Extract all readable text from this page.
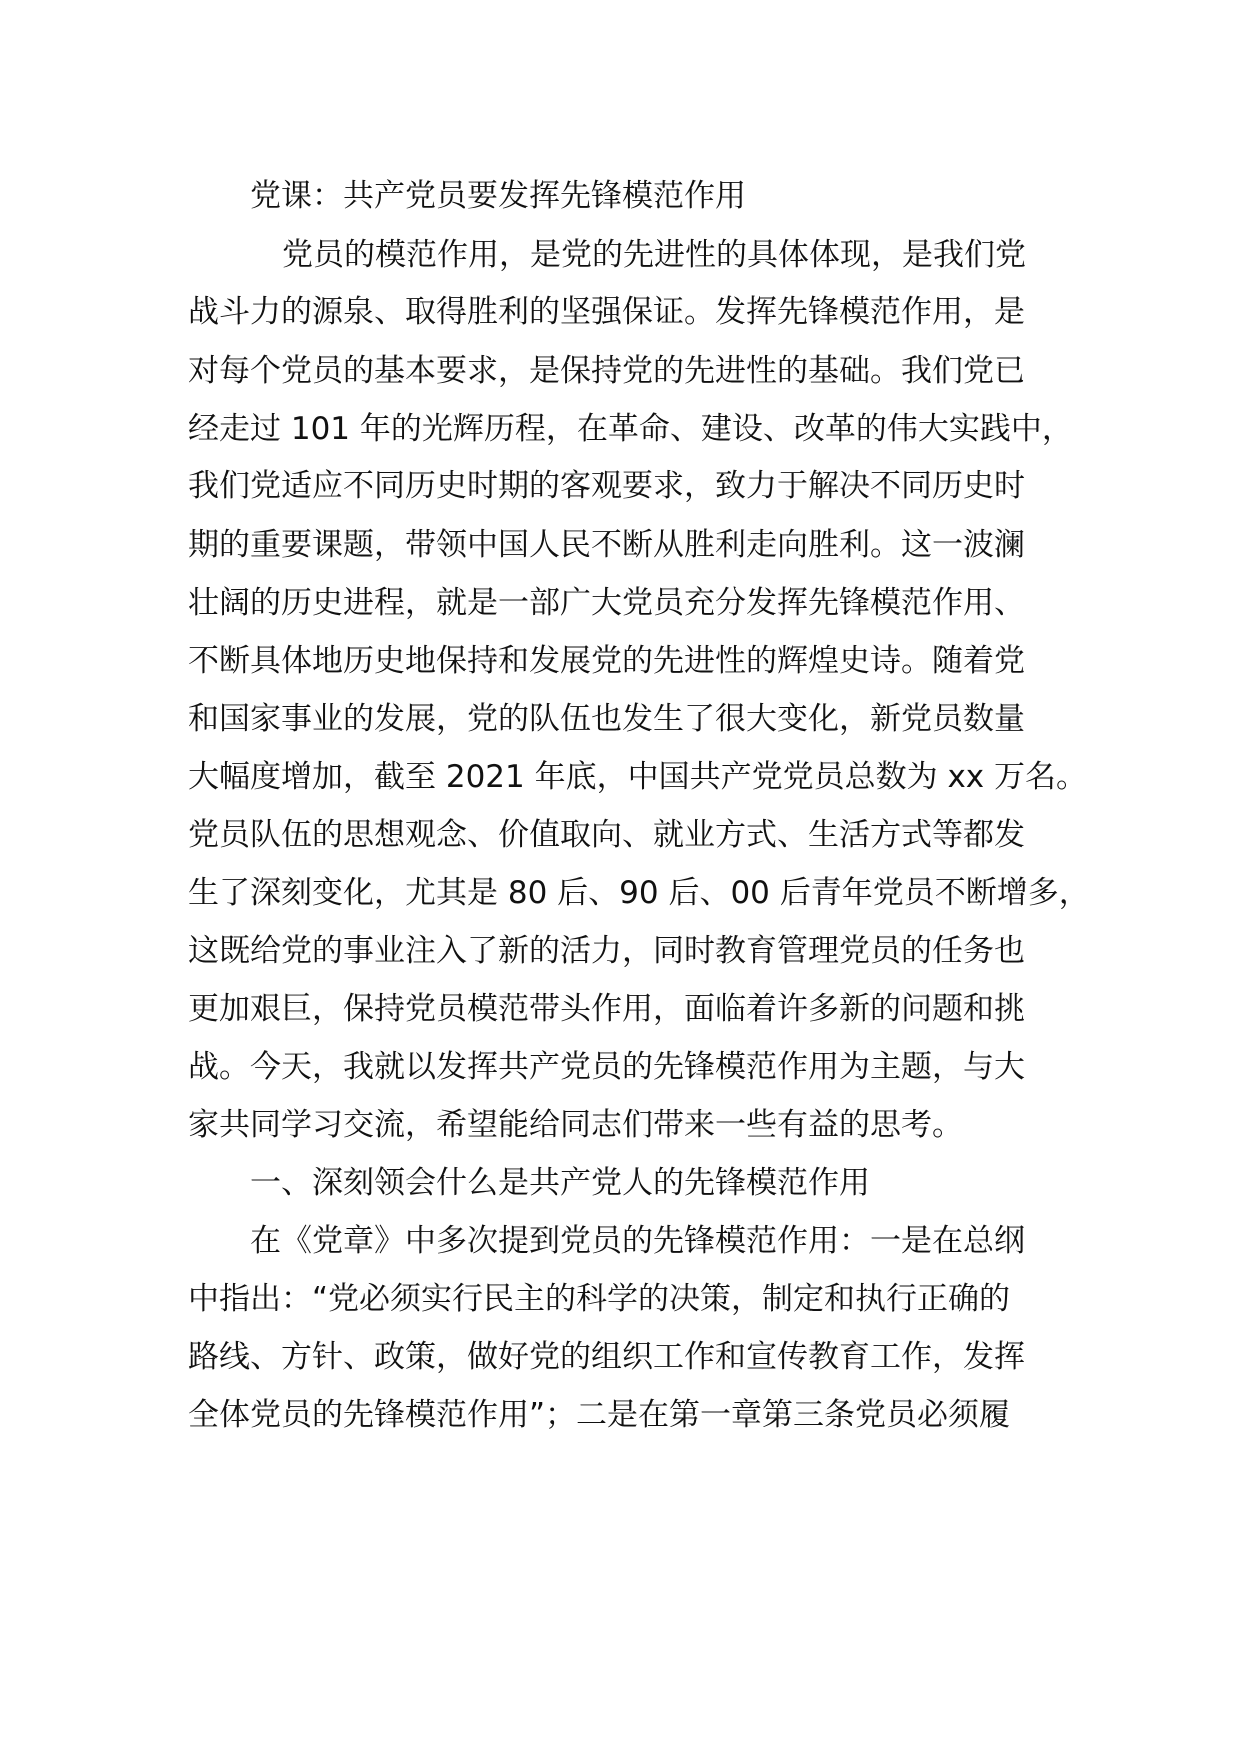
党课：共产党员要发挥先锋模范作用
党员的模范作用，是党的先进性的具体体现，是我们党
战斗力的源泉、取得胜利的坚强保证。发挥先锋模范作用，是
对每个党员的基本要求，是保持党的先进性的基础。我们党已
经走过 101 年的光辉历程，在革命、建设、改革的伟大实践中，
我们党适应不同历史时期的客观要求，致力于解决不同历史时
期的重要课题，带领中国人民不断从胜利走向胜利。这一波澜
壮阔的历史进程，就是一部广大党员充分发挥先锋模范作用、
不断具体地历史地保持和发展党的先进性的辉煌史诗。随着党
和国家事业的发展，党的队伍也发生了很大变化，新党员数量
大幅度增加，截至 2021 年底，中国共产党党员总数为 xx 万名。
党员队伍的思想观念、价值取向、就业方式、生活方式等都发
生了深刻变化，尤其是 80 后、90 后、00 后青年党员不断增多，
这既给党的事业注入了新的活力，同时教育管理党员的任务也
更加艰巨，保持党员模范带头作用，面临着许多新的问题和挑
战。今天，我就以发挥共产党员的先锋模范作用为主题，与大
家共同学习交流，希望能给同志们带来一些有益的思考。
一、深刻领会什么是共产党人的先锋模范作用
在《党章》中多次提到党员的先锋模范作用：一是在总纲
中指出：“党必须实行民主的科学的决策，制定和执行正确的
路线、方针、政策，做好党的组织工作和宣传教育工作，发挥
全体党员的先锋模范作用”；二是在第一章第三条党员必须履
